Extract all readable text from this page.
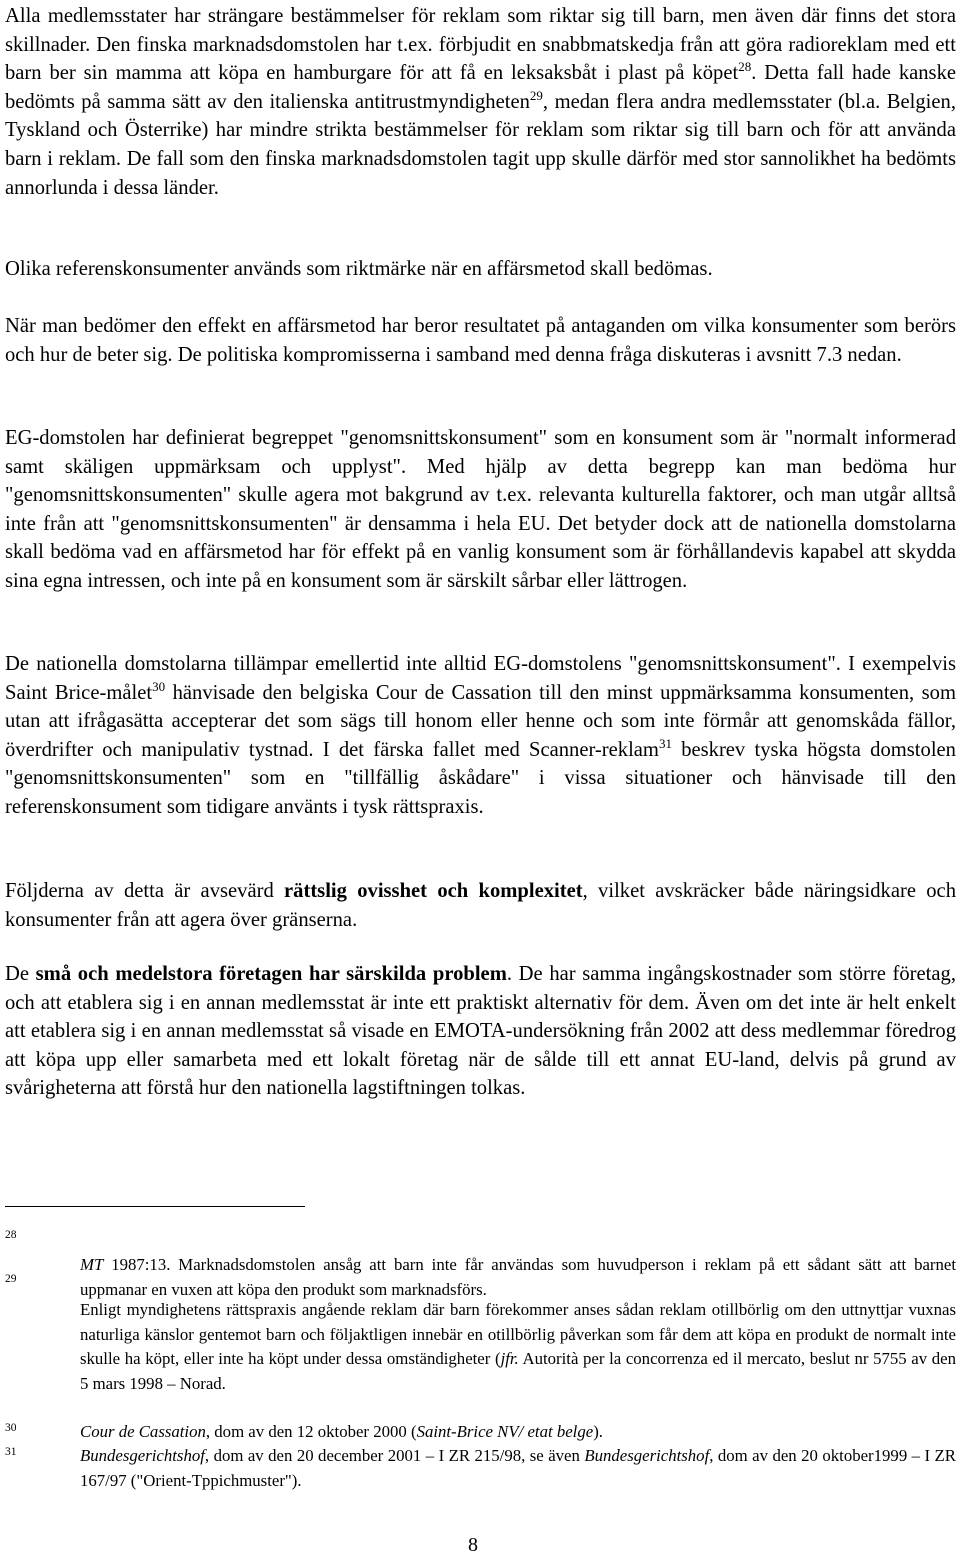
Alla medlemsstater har strängare bestämmelser för reklam som riktar sig till barn, men även där finns det stora skillnader. Den finska marknadsdomstolen har t.ex. förbjudit en snabbmatskedja från att göra radioreklam med ett barn ber sin mamma att köpa en hamburgare för att få en leksaksbåt i plast på köpet$^{28}$. Detta fall hade kanske bedömts på samma sätt av den italienska antitrustmyndigheten$^{29}$, medan flera andra medlemsstater (bl.a. Belgien, Tyskland och Österrike) har mindre strikta bestämmelser för reklam som riktar sig till barn och för att använda barn i reklam. De fall som den finska marknadsdomstolen tagit upp skulle därför med stor sannolikhet ha bedömts annorlunda i dessa länder.

Olika referenskonsumenter används som riktmärke när en affärsmetod skall bedömas.

När man bedömer den effekt en affärsmetod har beror resultatet på antaganden om vilka konsumenter som berörs och hur de beter sig. De politiska kompromisserna i samband med denna fråga diskuteras i avsnitt 7.3 nedan.

EG-domstolen har definierat begreppet "genomsnittskonsument" som en konsument som är "normalt informerad samt skäligen uppmärksam och upplyst". Med hjälp av detta begrepp kan man bedöma hur "genomsnittskonsumenten" skulle agera mot bakgrund av t.ex. relevanta kulturella faktorer, och man utgår alltså inte från att "genomsnittskonsumenten" är densamma i hela EU. Det betyder dock att de nationella domstolarna skall bedöma vad en affärsmetod har för effekt på en vanlig konsument som är förhållandevis kapabel att skydda sina egna intressen, och inte på en konsument som är särskilt sårbar eller lättrogen.

De nationella domstolarna tillämpar emellertid inte alltid EG-domstolens "genomsnittskonsument". I exempelvis Saint Brice-målet$^{30}$ hänvisade den belgiska Cour de Cassation till den minst uppmärksamma konsumenten, som utan att ifrågasätta accepterar det som sägs till honom eller henne och som inte förmår att genomskåda fällor, överdrifter och manipulativ tystnad. I det färska fallet med Scanner-reklam$^{31}$ beskrev tyska högsta domstolen "genomsnittskonsumenten" som en "tillfällig åskådare" i vissa situationer och hänvisade till den referenskonsument som tidigare använts i tysk rättspraxis.

Följderna av detta är avsevärd rättslig ovisshet och komplexitet, vilket avskräcker både näringsidkare och konsumenter från att agera över gränserna.

De små och medelstora företagen har särskilda problem. De har samma ingångskostnader som större företag, och att etablera sig i en annan medlemsstat är inte ett praktiskt alternativ för dem. Även om det inte är helt enkelt att etablera sig i en annan medlemsstat så visade en EMOTA-undersökning från 2002 att dess medlemmar föredrog att köpa upp eller samarbeta med ett lokalt företag när de sålde till ett annat EU-land, delvis på grund av svårigheterna att förstå hur den nationella lagstiftningen tolkas.

28
MT 1987:13. Marknadsdomstolen ansåg att barn inte får användas som huvudperson i reklam på ett sådant sätt att barnet uppmanar en vuxen att köpa den produkt som marknadsförs.
29
Enligt myndighetens rättspraxis angående reklam där barn förekommer anses sådan reklam otillbörlig om den uttnyttjar vuxnas naturliga känslor gentemot barn och följaktligen innebär en otillbörlig påverkan som får dem att köpa en produkt de normalt inte skulle ha köpt, eller inte ha köpt under dessa omständigheter (jfr. Autorità per la concorrenza ed il mercato, beslut nr 5755 av den 5 mars 1998 – Norad.
30	Cour de Cassation, dom av den 12 oktober 2000 (Saint-Brice NV/ etat belge).
31	Bundesgerichtshof, dom av den 20 december 2001 – I ZR 215/98, se även Bundesgerichtshof, dom av den 20 oktober1999 – I ZR 167/97 ("Orient-Tppichmuster").
8
